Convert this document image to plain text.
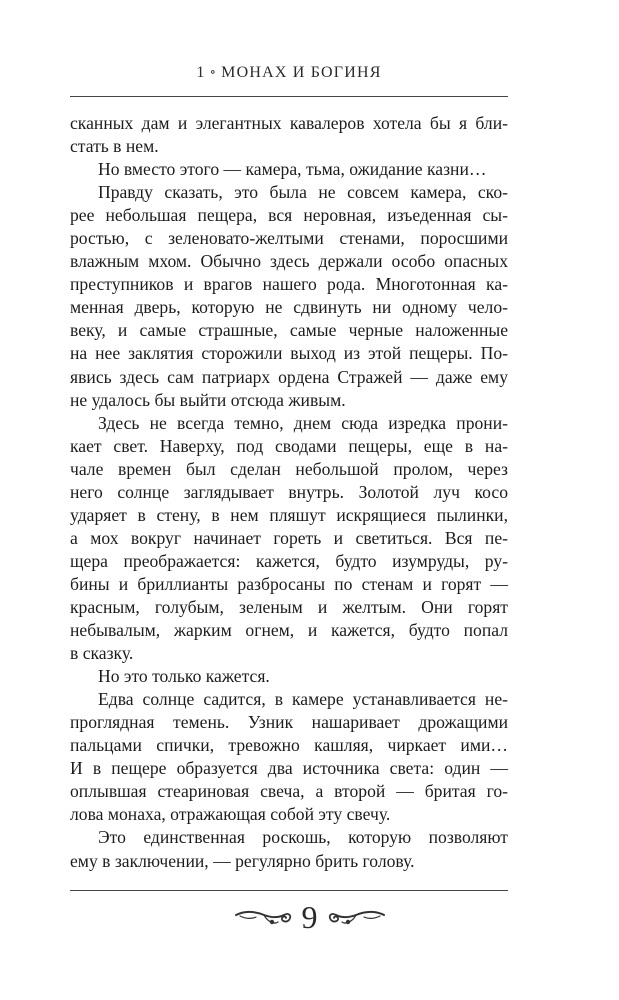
1 ∘ МОНАХ И БОГИНЯ

сканных дам и элегантных кавалеров хотела бы я бли-

стать в нем.

Но вместо этого — камера, тьма, ожидание казни…

Правду сказать, это была не совсем камера, ско-

рее небольшая пещера, вся неровная, изъеденная сы-

ростью, с зеленовато-желтыми стенами, поросшими

влажным мхом. Обычно здесь держали особо опасных

преступников и врагов нашего рода. Многотонная ка-

менная дверь, которую не сдвинуть ни одному чело-

веку, и самые страшные, самые черные наложенные

на нее заклятия сторожили выход из этой пещеры. По-

явись здесь сам патриарх ордена Стражей — даже ему

не удалось бы выйти отсюда живым.

Здесь не всегда темно, днем сюда изредка прони-

кает свет. Наверху, под сводами пещеры, еще в на-

чале времен был сделан небольшой пролом, через

него солнце заглядывает внутрь. Золотой луч косо

ударяет в стену, в нем пляшут искрящиеся пылинки,

а мох вокруг начинает гореть и светиться. Вся пе-

щера преображается: кажется, будто изумруды, ру-

бины и бриллианты разбросаны по стенам и горят —

красным, голубым, зеленым и желтым. Они горят

небывалым, жарким огнем, и кажется, будто попал

в сказку.

Но это только кажется.

Едва солнце садится, в камере устанавливается не-

проглядная темень. Узник нашаривает дрожащими

пальцами спички, тревожно кашляя, чиркает ими…

И в пещере образуется два источника света: один —

оплывшая стеариновая свеча, а второй — бритая го-

лова монаха, отражающая собой эту свечу.

Это единственная роскошь, которую позволяют

ему в заключении, — регулярно брить голову.

9
